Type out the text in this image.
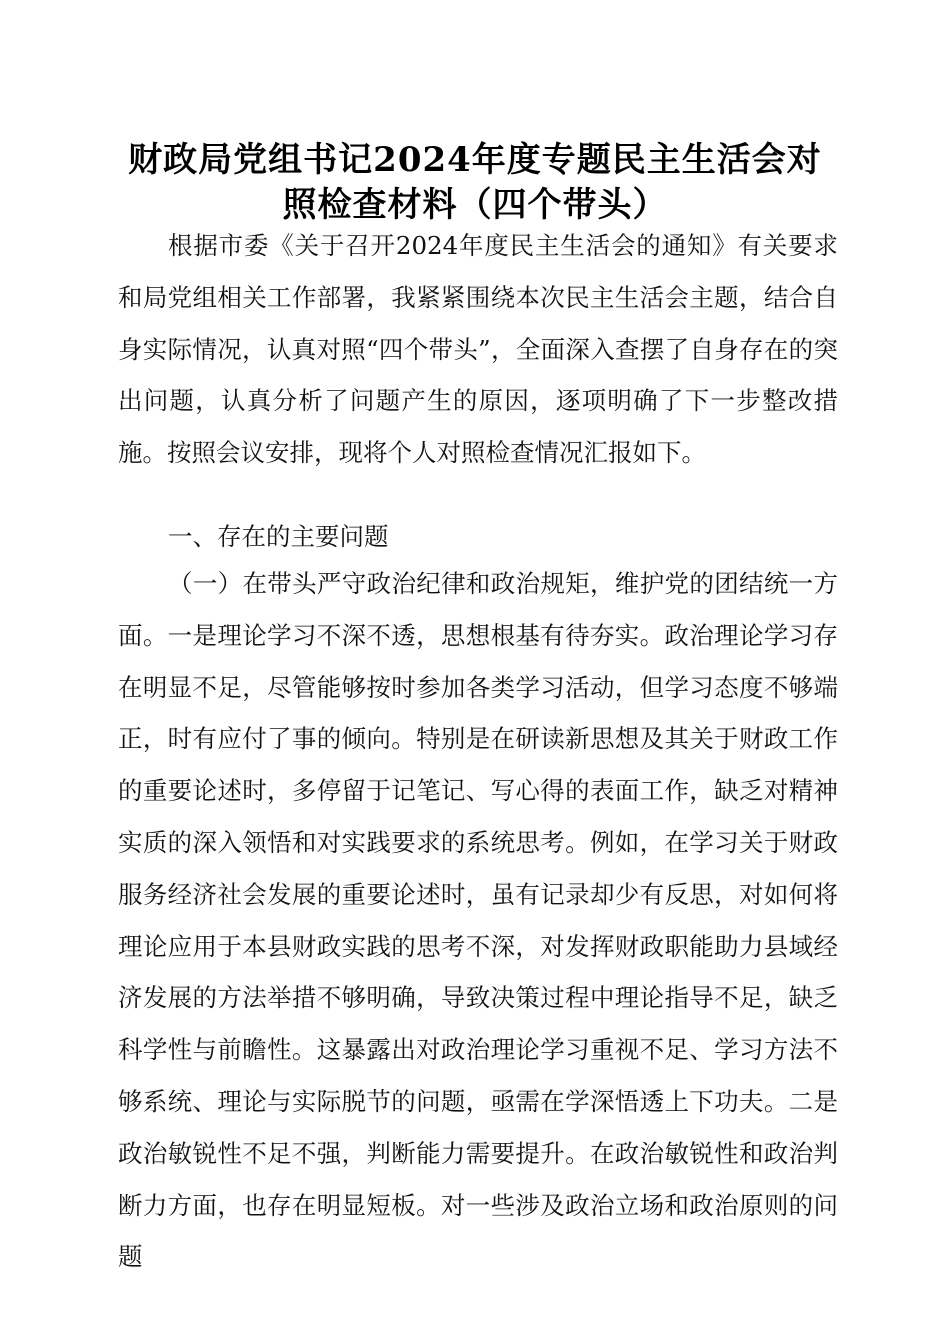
财政局党组书记2024年度专题民主生活会对
照检查材料（四个带头）
根据市委《关于召开2024年度民主生活会的通知》有关要求和局党组相关工作部署，我紧紧围绕本次民主生活会主题，结合自身实际情况，认真对照“四个带头”，全面深入查摆了自身存在的突出问题，认真分析了问题产生的原因，逐项明确了下一步整改措施。按照会议安排，现将个人对照检查情况汇报如下。
一、存在的主要问题
（一）在带头严守政治纪律和政治规矩，维护党的团结统一方面。一是理论学习不深不透，思想根基有待夯实。政治理论学习存在明显不足，尽管能够按时参加各类学习活动，但学习态度不够端正，时有应付了事的倾向。特别是在研读新思想及其关于财政工作的重要论述时，多停留于记笔记、写心得的表面工作，缺乏对精神实质的深入领悟和对实践要求的系统思考。例如，在学习关于财政服务经济社会发展的重要论述时，虽有记录却少有反思，对如何将理论应用于本县财政实践的思考不深，对发挥财政职能助力县域经济发展的方法举措不够明确，导致决策过程中理论指导不足，缺乏科学性与前瞻性。这暴露出对政治理论学习重视不足、学习方法不够系统、理论与实际脱节的问题，亟需在学深悟透上下功夫。二是政治敏锐性不足不强，判断能力需要提升。在政治敏锐性和政治判断力方面，也存在明显短板。对一些涉及政治立场和政治原则的问题
